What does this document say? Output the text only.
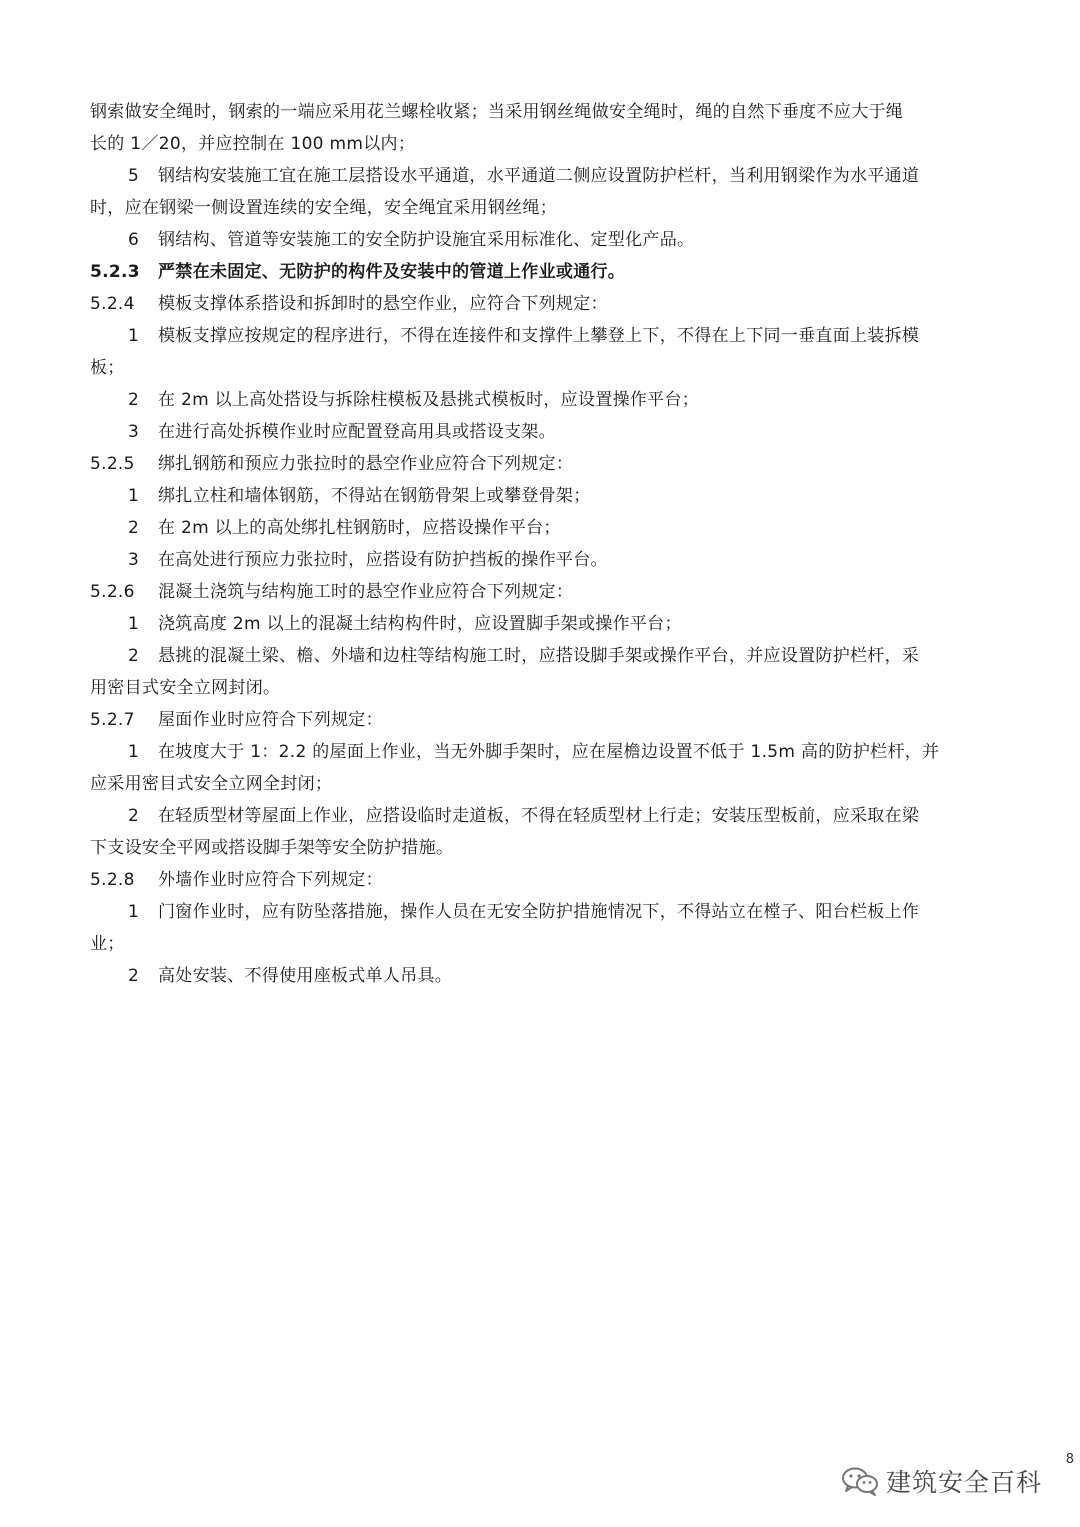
钢索做安全绳时，钢索的一端应采用花兰螺栓收紧；当采用钢丝绳做安全绳时，绳的自然下垂度不应大于绳
长的 1／20，并应控制在 100 mm以内；
5 钢结构安装施工宜在施工层搭设水平通道，水平通道二侧应设置防护栏杆，当利用钢梁作为水平通道
时，应在钢梁一侧设置连续的安全绳，安全绳宜采用钢丝绳；
6 钢结构、管道等安装施工的安全防护设施宜采用标准化、定型化产品。
5.2.3 严禁在未固定、无防护的构件及安装中的管道上作业或通行。
5.2.4 模板支撑体系搭设和拆卸时的悬空作业，应符合下列规定：
1 模板支撑应按规定的程序进行，不得在连接件和支撑件上攀登上下，不得在上下同一垂直面上装拆模
板；
2 在 2m 以上高处搭设与拆除柱模板及悬挑式模板时，应设置操作平台；
3 在进行高处拆模作业时应配置登高用具或搭设支架。
5.2.5 绑扎钢筋和预应力张拉时的悬空作业应符合下列规定：
1 绑扎立柱和墙体钢筋，不得站在钢筋骨架上或攀登骨架；
2 在 2m 以上的高处绑扎柱钢筋时，应搭设操作平台；
3 在高处进行预应力张拉时，应搭设有防护挡板的操作平台。
5.2.6 混凝土浇筑与结构施工时的悬空作业应符合下列规定：
1 浇筑高度 2m 以上的混凝土结构构件时，应设置脚手架或操作平台；
2 悬挑的混凝土梁、檐、外墙和边柱等结构施工时，应搭设脚手架或操作平台，并应设置防护栏杆，采
用密目式安全立网封闭。
5.2.7 屋面作业时应符合下列规定：
1 在坡度大于 1：2.2 的屋面上作业，当无外脚手架时，应在屋檐边设置不低于 1.5m 高的防护栏杆，并
应采用密目式安全立网全封闭；
2 在轻质型材等屋面上作业，应搭设临时走道板，不得在轻质型材上行走；安装压型板前，应采取在梁
下支设安全平网或搭设脚手架等安全防护措施。
5.2.8 外墙作业时应符合下列规定：
1 门窗作业时，应有防坠落措施，操作人员在无安全防护措施情况下，不得站立在樘子、阳台栏板上作
业；
2 高处安装、不得使用座板式单人吊具。
8
建筑安全百科
